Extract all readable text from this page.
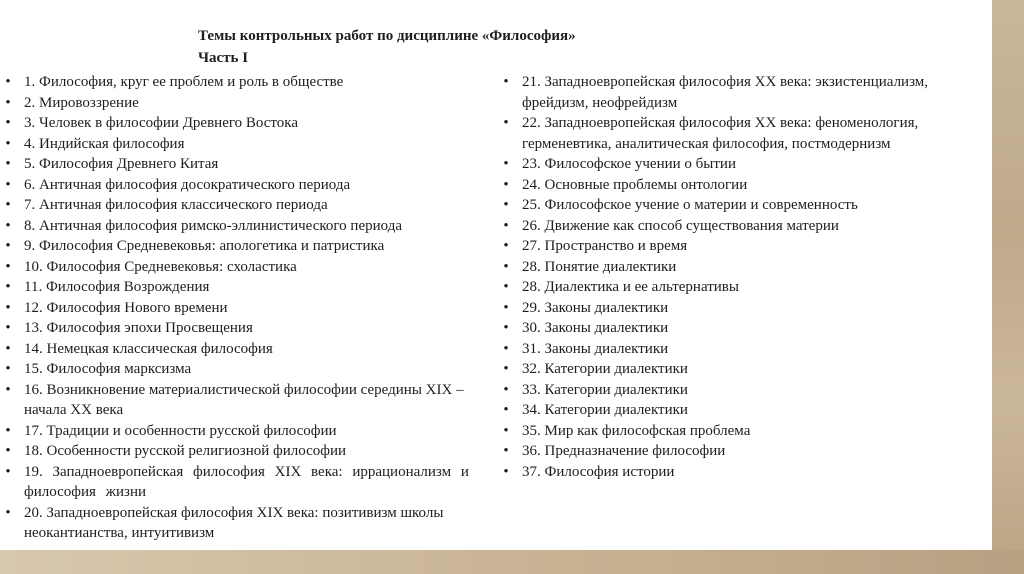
Темы контрольных работ по дисциплине «Философия»
Часть I
• 1. Философия, круг ее проблем и роль в обществе
• 2. Мировоззрение
• 3. Человек в философии Древнего Востока
• 4. Индийская философия
• 5. Философия Древнего Китая
• 6. Античная философия досократического периода
• 7. Античная философия классического периода
• 8. Античная философия римско-эллинистического периода
• 9. Философия Средневековья: апологетика и патристика
• 10. Философия Средневековья: схоластика
• 11. Философия Возрождения
• 12. Философия Нового времени
• 13. Философия эпохи Просвещения
• 14. Немецкая классическая философия
• 15. Философия марксизма
• 16. Возникновение материалистической философии середины XIX – начала XX века
• 17. Традиции и особенности русской философии
• 18. Особенности русской религиозной философии
• 19. Западноевропейская философия XIX века: иррационализм и философия жизни
• 20. Западноевропейская философия XIX века: позитивизм школы неокантианства, интуитивизм
• 21. Западноевропейская философия XX века: экзистенциализм, фрейдизм, неофрейдизм
• 22. Западноевропейская философия XX века: феноменология, герменевтика, аналитическая философия, постмодернизм
• 23. Философское учении о бытии
• 24. Основные проблемы онтологии
• 25. Философское учение о материи и современность
• 26. Движение как способ существования материи
• 27. Пространство и время
• 28. Понятие диалектики
• 28. Диалектика и ее альтернативы
• 29. Законы диалектики
• 30. Законы диалектики
• 31. Законы диалектики
• 32. Категории диалектики
• 33. Категории диалектики
• 34. Категории диалектики
• 35. Мир как философская проблема
• 36. Предназначение философии
• 37. Философия истории
